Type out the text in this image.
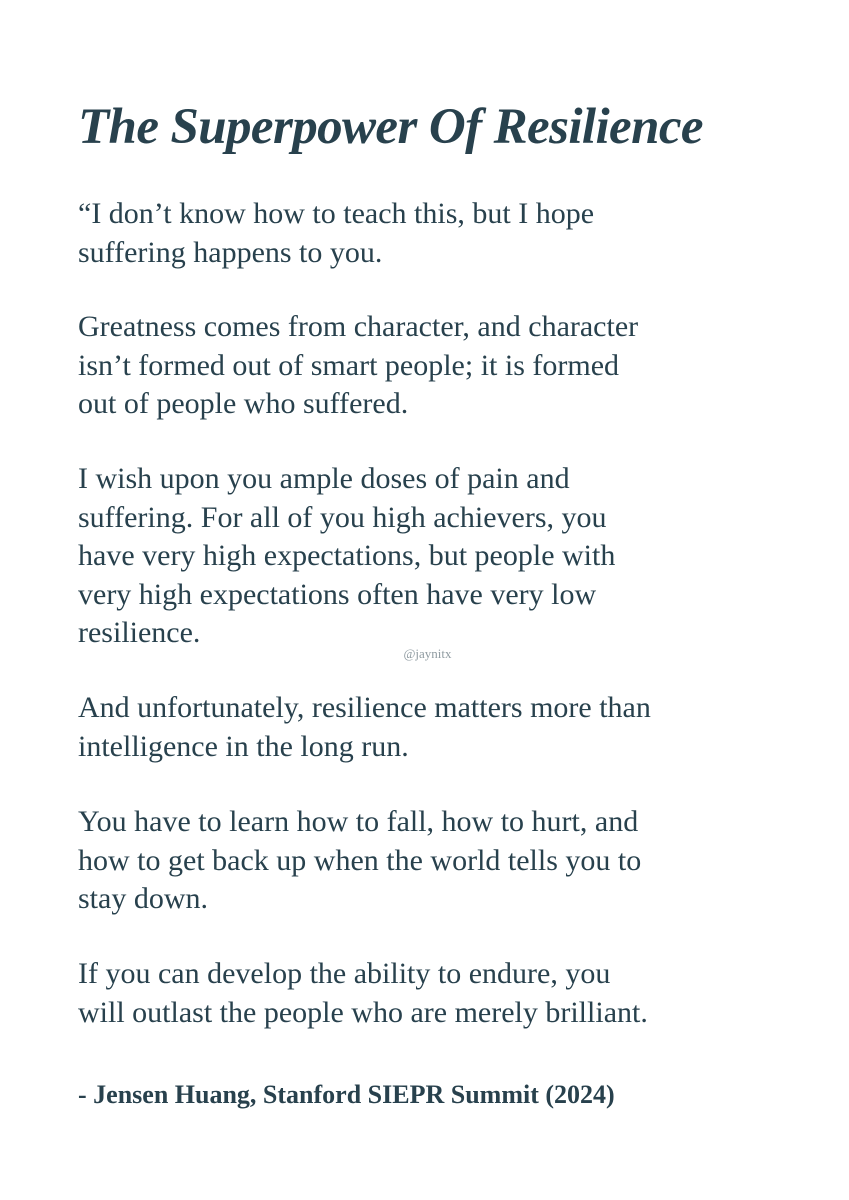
The Superpower Of Resilience

“I don’t know how to teach this, but I hope
suffering happens to you.

Greatness comes from character, and character
isn’t formed out of smart people; it is formed
out of people who suffered.

I wish upon you ample doses of pain and
suffering. For all of you high achievers, you
have very high expectations, but people with
very high expectations often have very low
resilience.

@jaynitx

And unfortunately, resilience matters more than
intelligence in the long run.

You have to learn how to fall, how to hurt, and
how to get back up when the world tells you to
stay down.

If you can develop the ability to endure, you
will outlast the people who are merely brilliant.

- Jensen Huang, Stanford SIEPR Summit (2024)
